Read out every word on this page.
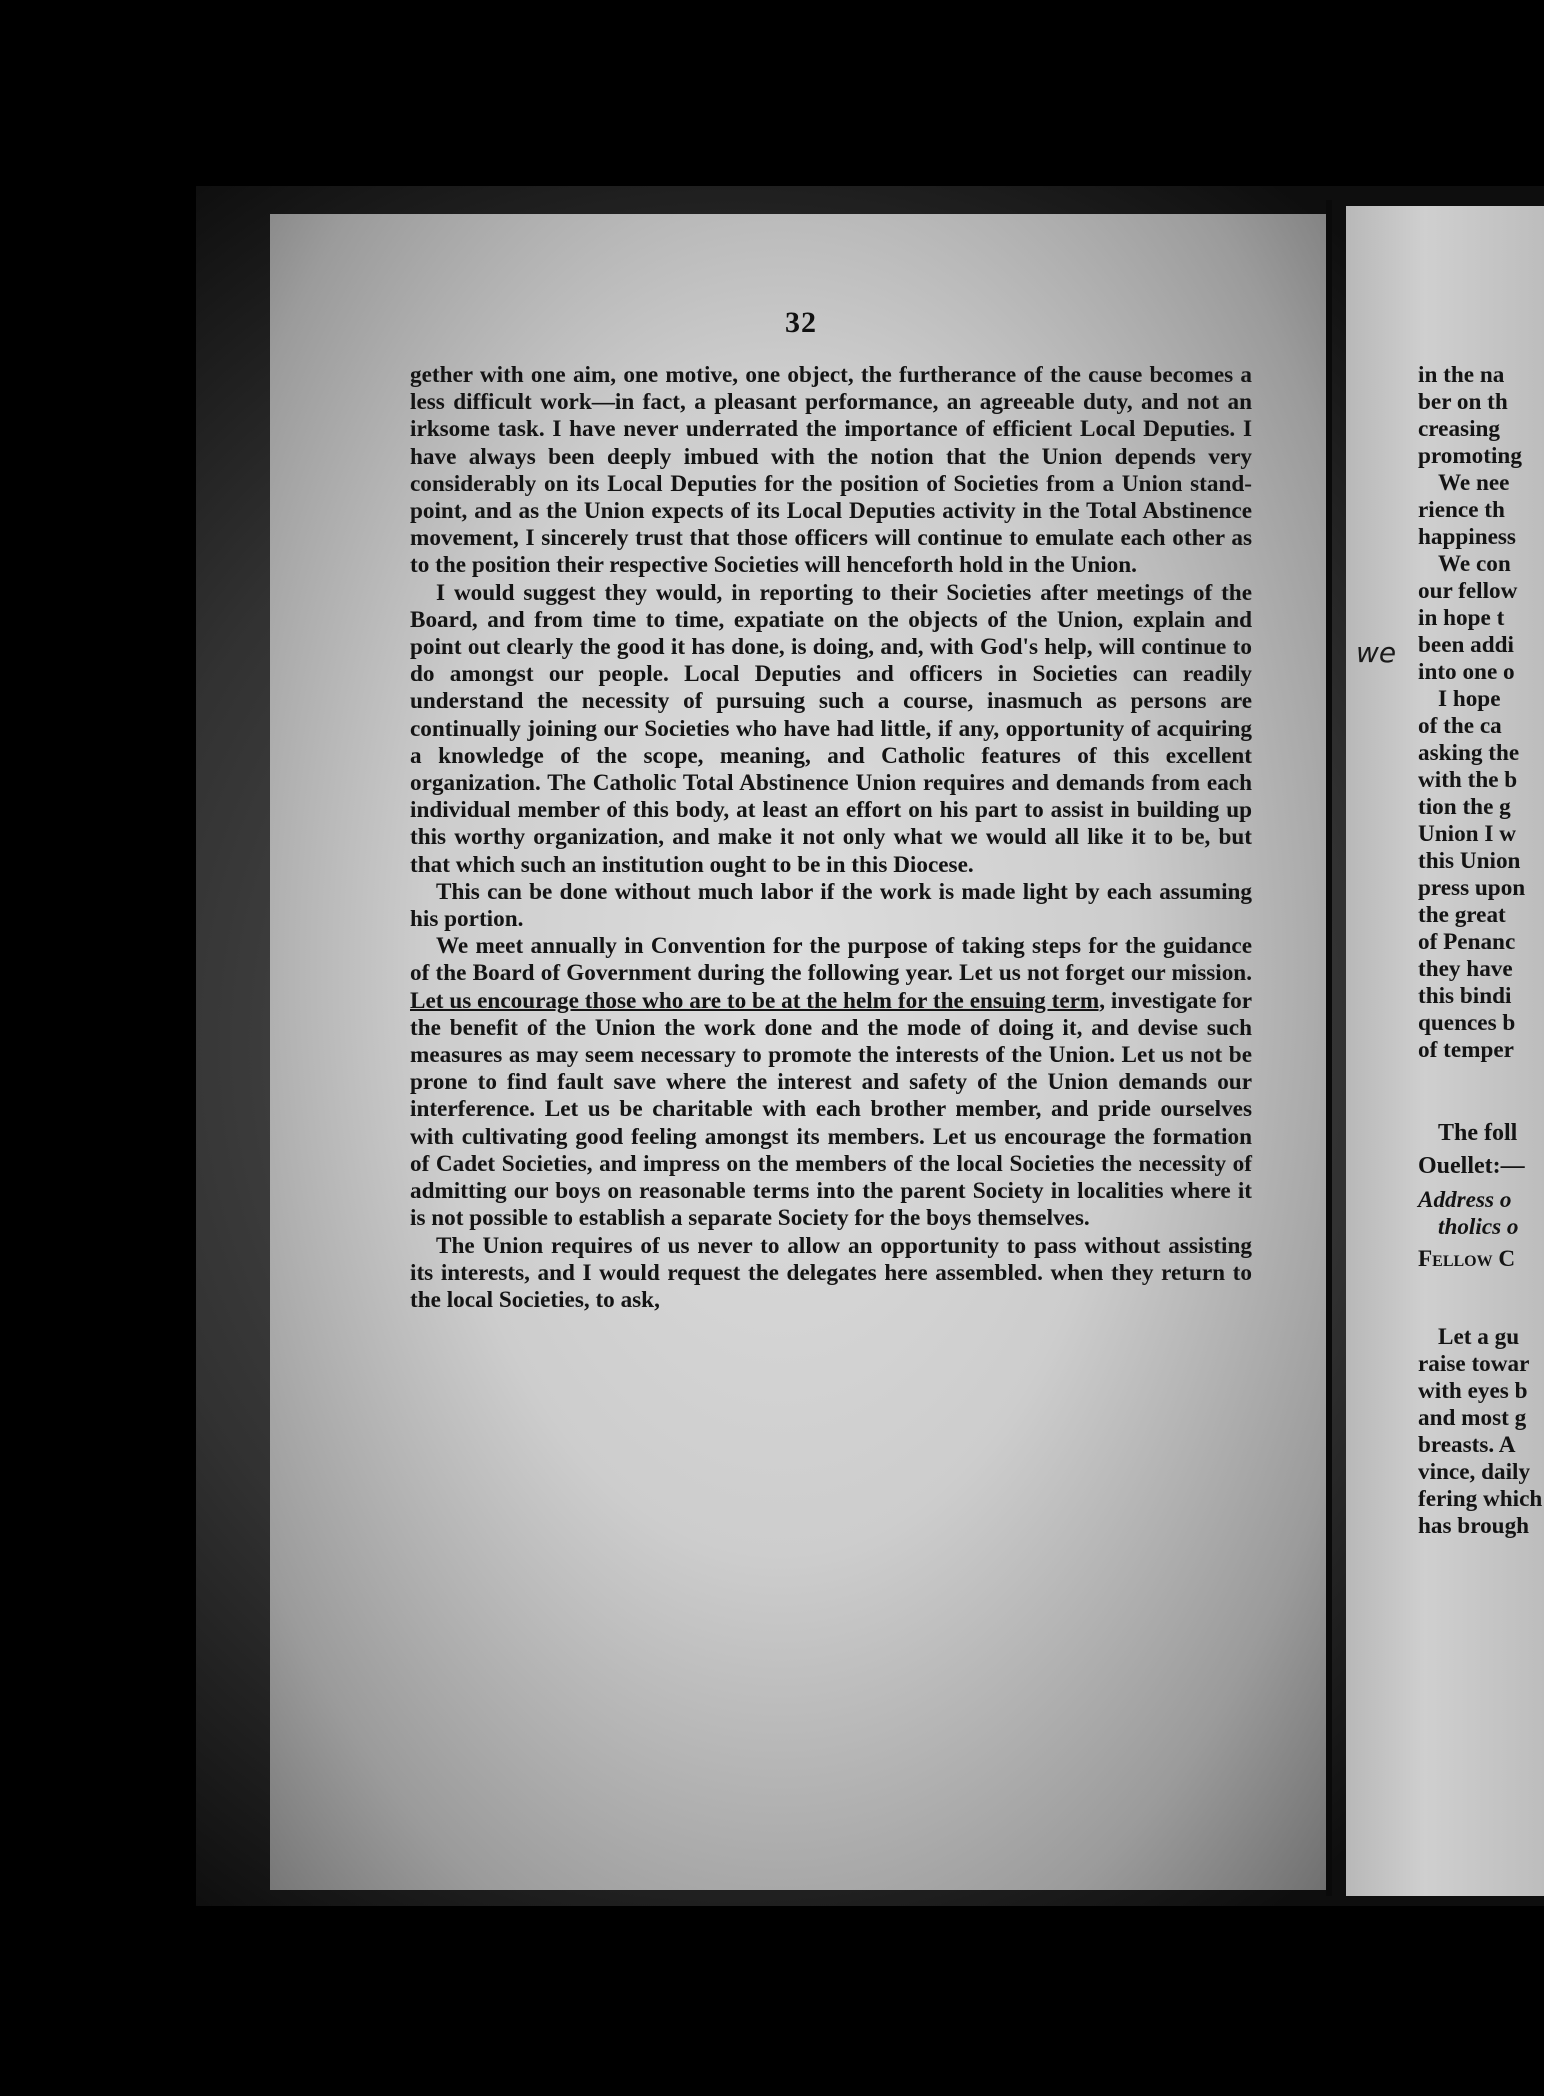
32

gether with one aim, one motive, one object, the furtherance of the cause becomes a less difficult work—in fact, a pleasant performance, an agreeable duty, and not an irksome task. I have never underrated the importance of efficient Local Deputies. I have always been deeply imbued with the notion that the Union depends very considerably on its Local Deputies for the position of Societies from a Union stand-point, and as the Union expects of its Local Deputies activity in the Total Abstinence movement, I sincerely trust that those officers will continue to emulate each other as to the position their respective Societies will henceforth hold in the Union.

I would suggest they would, in reporting to their Societies after meetings of the Board, and from time to time, expatiate on the objects of the Union, explain and point out clearly the good it has done, is doing, and, with God's help, will continue to do amongst our people. Local Deputies and officers in Societies can readily understand the necessity of pursuing such a course, inasmuch as persons are continually joining our Societies who have had little, if any, opportunity of acquiring a knowledge of the scope, meaning, and Catholic features of this excellent organization. The Catholic Total Abstinence Union requires and demands from each individual member of this body, at least an effort on his part to assist in building up this worthy organization, and make it not only what we would all like it to be, but that which such an institution ought to be in this Diocese.

This can be done without much labor if the work is made light by each assuming his portion.

We meet annually in Convention for the purpose of taking steps for the guidance of the Board of Government during the following year. Let us not forget our mission. Let us encourage those who are to be at the helm for the ensuing term, investigate for the benefit of the Union the work done and the mode of doing it, and devise such measures as may seem necessary to promote the interests of the Union. Let us not be prone to find fault save where the interest and safety of the Union demands our interference. Let us be charitable with each brother member, and pride ourselves with cultivating good feeling amongst its members. Let us encourage the formation of Cadet Societies, and impress on the members of the local Societies the necessity of admitting our boys on reasonable terms into the parent Society in localities where it is not possible to establish a separate Society for the boys themselves.

The Union requires of us never to allow an opportunity to pass without assisting its interests, and I would request the delegates here assembled. when they return to the local Societies, to ask,

in the na
ber on th
creasing
promoting
We nee
rience th
happiness
We con
our fellow
in hope t
been addi
into one o
I hope
of the ca
asking the
with the b
tion the g
Union I w
this Union
press upon
the great
of Penanc
they have
this bindi
quences b
of temper
The foll
Ouellet:—
Address o
tholics o
Fellow C
Let a gu
raise towar
with eyes b
and most g
breasts. A
vince, daily
fering which
has brough
we
